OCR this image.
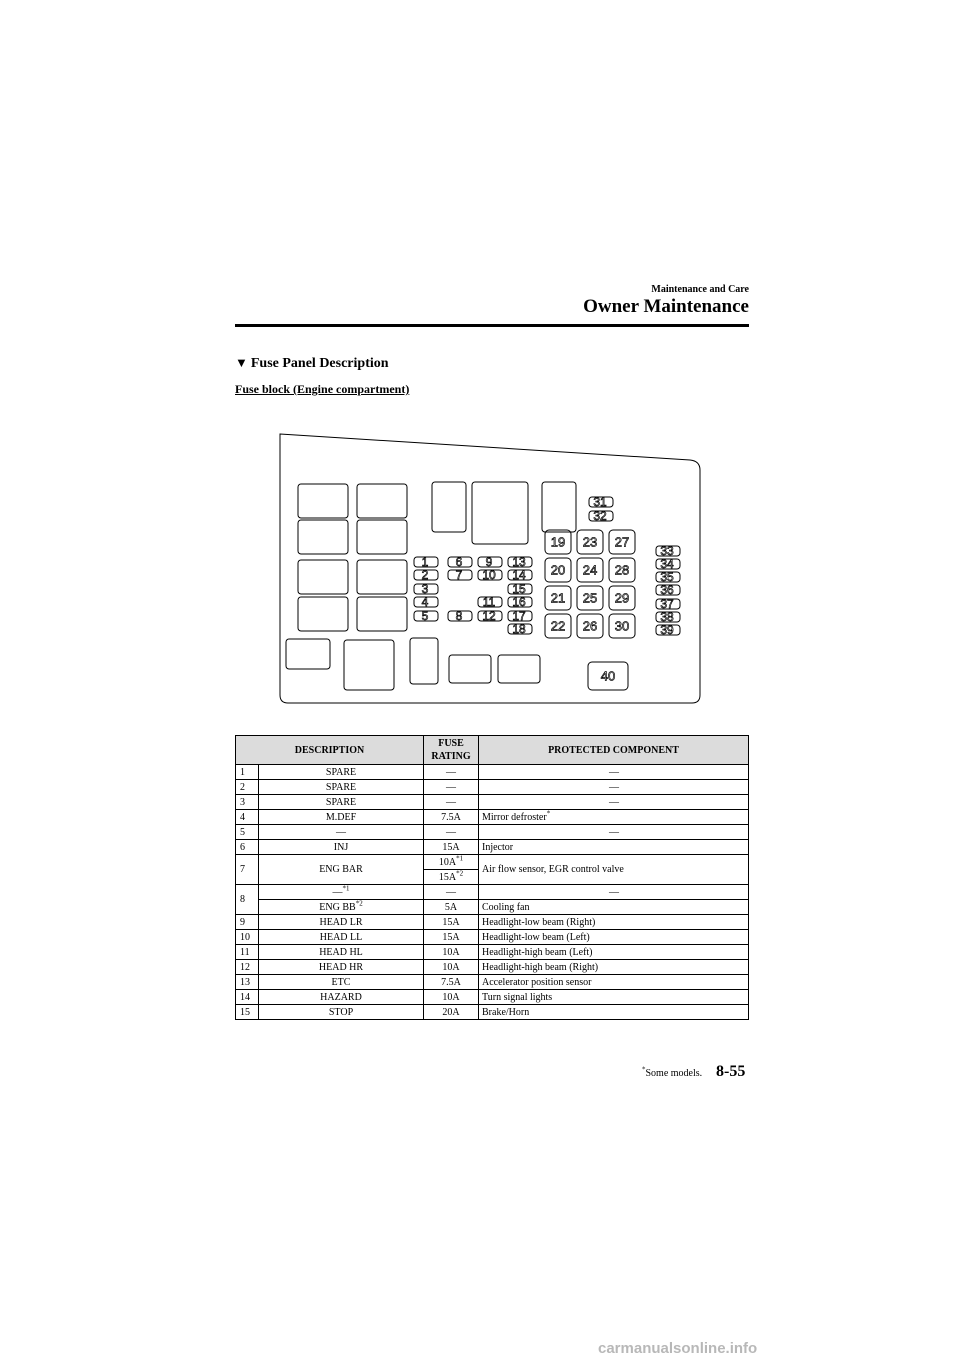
Maintenance and Care
Owner Maintenance
▼ Fuse Panel Description
Fuse block (Engine compartment)
1
2
3
4
5
6
7
8
9
10
11
12
13
14
15
16
17
18
31
32
33
34
35
36
37
38
39
19
20
21
22
23
24
25
26
27
28
29
30
40
DESCRIPTION		FUSE RATING	PROTECTED COMPONENT
1	SPARE	—	—
2	SPARE	—	—
3	SPARE	—	—
4	M.DEF	7.5A	Mirror defroster*
5	—	—	—
6	INJ	15A	Injector
7	ENG BAR	$10A^{*1}$	Air flow sensor, EGR control valve
		$15A^{*2}$
8	—$^{*1}$	—	—
	ENG BB$^{*2}$	5A	Cooling fan
9	HEAD LR	15A	Headlight-low beam (Right)
10	HEAD LL	15A	Headlight-low beam (Left)
11	HEAD HL	10A	Headlight-high beam (Left)
12	HEAD HR	10A	Headlight-high beam (Right)
13	ETC	7.5A	Accelerator position sensor
14	HAZARD	10A	Turn signal lights
15	STOP	20A	Brake/Horn
*Some models. 8-55
carmanualsonline.info
